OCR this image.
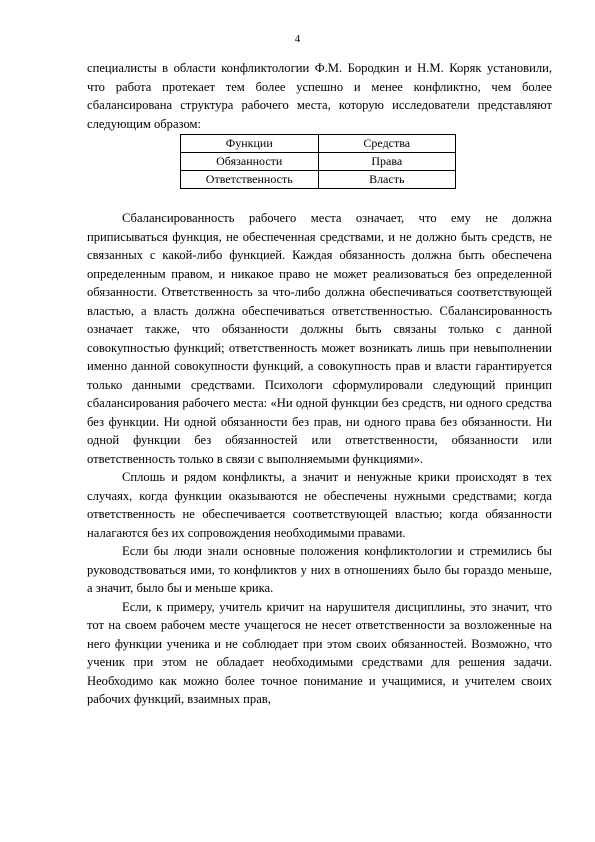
4

специалисты в области конфликтологии Ф.М. Бородкин и Н.М. Коряк установили, что работа протекает тем более успешно и менее конфликтно, чем более сбалансирована структура рабочего места, которую исследователи представляют следующим образом:

Функции	Средства
Обязанности	Права
Ответственность	Власть

Сбалансированность рабочего места означает, что ему не должна приписываться функция, не обеспеченная средствами, и не должно быть средств, не связанных с какой-либо функцией. Каждая обязанность должна быть обеспечена определенным правом, и никакое право не может реализоваться без определенной обязанности. Ответственность за что-либо должна обеспечиваться соответствующей властью, а власть должна обеспечиваться ответственностью. Сбалансированность означает также, что обязанности должны быть связаны только с данной совокупностью функций; ответственность может возникать лишь при невыполнении именно данной совокупности функций, а совокупность прав и власти гарантируется только данными средствами. Психологи сформулировали следующий принцип сбалансирования рабочего места: «Ни одной функции без средств, ни одного средства без функции. Ни одной обязанности без прав, ни одного права без обязанности. Ни одной функции без обязанностей или ответственности, обязанности или ответственность только в связи с выполняемыми функциями».

Сплошь и рядом конфликты, а значит и ненужные крики происходят в тех случаях, когда функции оказываются не обеспечены нужными средствами; когда ответственность не обеспечивается соответствующей властью; когда обязанности налагаются без их сопровождения необходимыми правами.

Если бы люди знали основные положения конфликтологии и стремились бы руководствоваться ими, то конфликтов у них в отношениях было бы гораздо меньше, а значит, было бы и меньше крика.

Если, к примеру, учитель кричит на нарушителя дисциплины, это значит, что тот на своем рабочем месте учащегося не несет ответственности за возложенные на него функции ученика и не соблюдает при этом своих обязанностей. Возможно, что ученик при этом не обладает необходимыми средствами для решения задачи. Необходимо как можно более точное понимание и учащимися, и учителем своих рабочих функций, взаимных прав,
